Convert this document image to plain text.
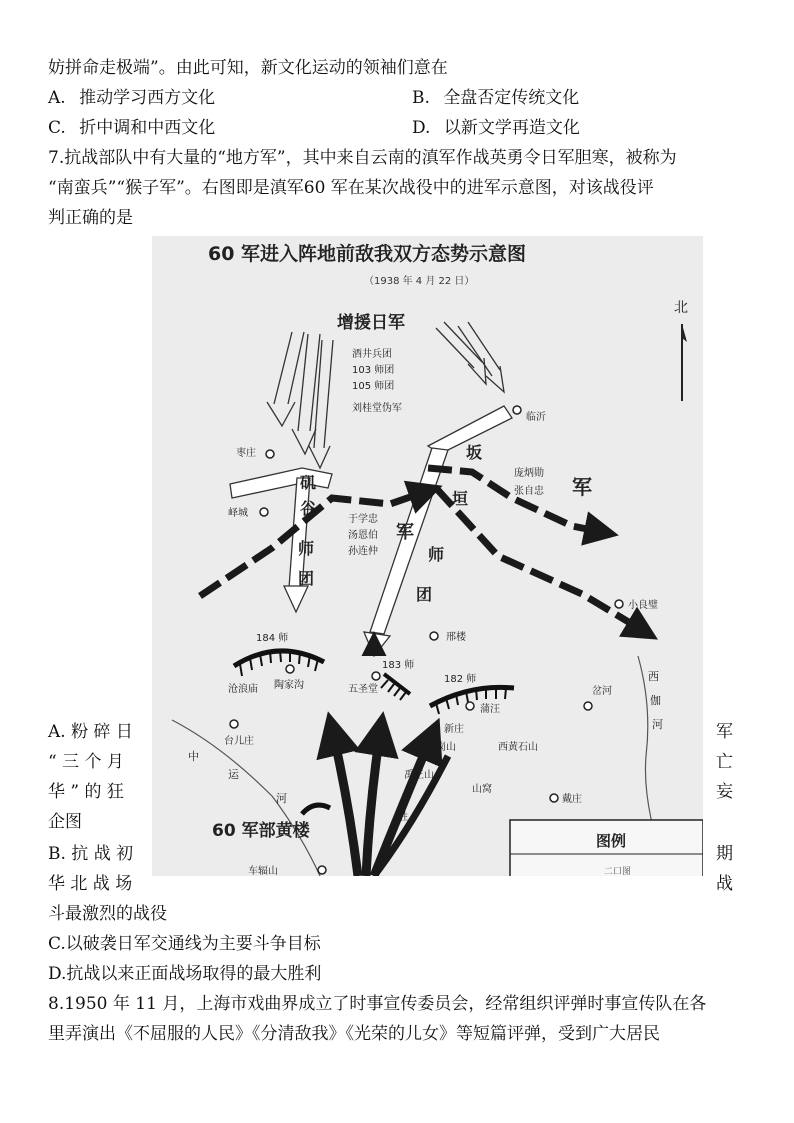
妨拼命走极端”。由此可知，新文化运动的领袖们意在
A. 推动学习西方文化	B. 全盘否定传统文化
C. 折中调和中西文化	D. 以新文学再造文化
7.抗战部队中有大量的“地方军”，其中来自云南的滇军作战英勇令日军胆寒，被称为
“南蛮兵”“猴子军”。右图即是滇军60 军在某次战役中的进军示意图，对该战役评
判正确的是
A. 粉 碎 日
“ 三 个 月
华 ” 的 狂
企图
军
亡
妄
B. 抗 战 初
华 北 战 场
期
战
斗最激烈的战役
C.以破袭日军交通线为主要斗争目标
D.抗战以来正面战场取得的最大胜利
8.1950 年 11 月，上海市戏曲界成立了时事宣传委员会，经常组织评弹时事宣传队在各
里弄演出《不屈服的人民》《分清敌我》《光荣的儿女》等短篇评弹，受到广大居民
60 军进入阵地前敌我双方态势示意图
（1938 年 4 月 22 日）
北
增援日军
酒井兵团
103 师团
105 师团
刘桂堂伪军
枣庄
峄城
临沂
小良璧
矶
谷
师
团
坂
垣
师
团
庞炳勋
张自忠 军
于学忠
汤恩伯
孙连仲
军
184 师
沧浪庙 陶家沟
183 师
五圣堂
邢楼
182 师
蒲汪
新庄
岔河
西
伽
河
台儿庄
中
运
河
黄岗山	西黄石山
禹王山
山窝
胜
戴庄
60 军部黄楼
车辐山
图例
二口图
